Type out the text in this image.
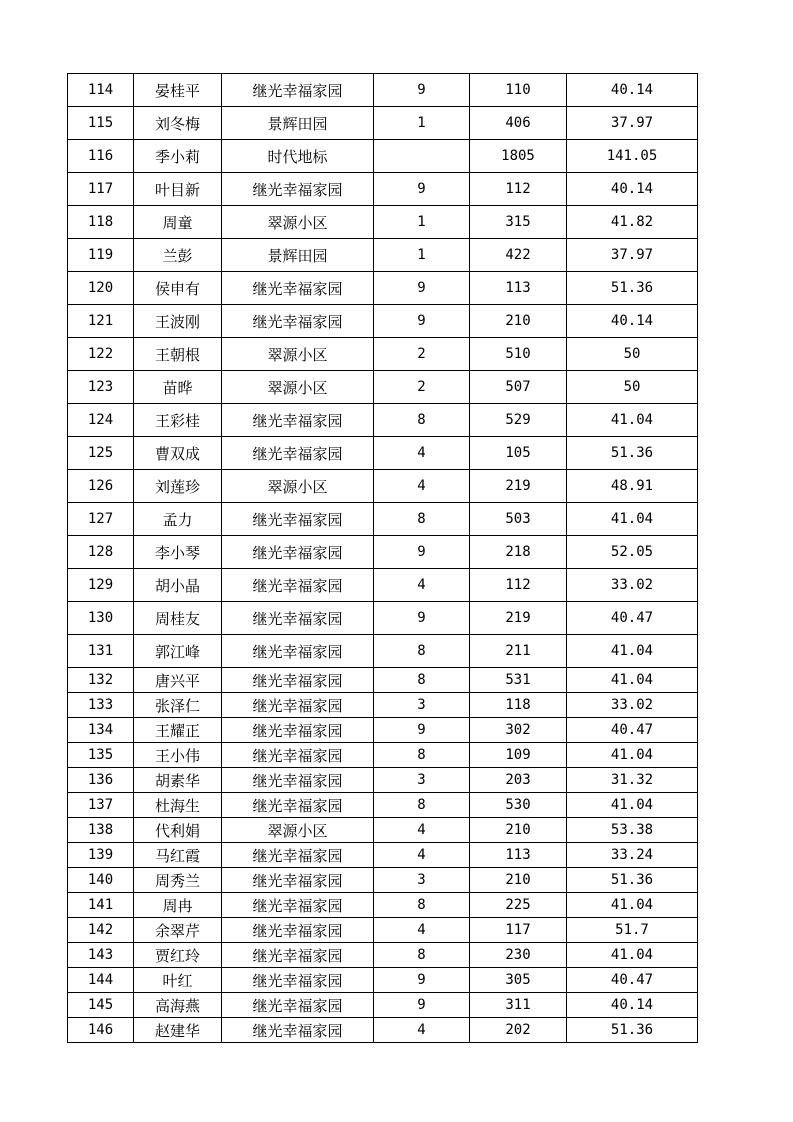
114	晏桂平	继光幸福家园	9	110	40.14
115	刘冬梅	景辉田园	1	406	37.97
116	季小莉	时代地标		1805	141.05
117	叶目新	继光幸福家园	9	112	40.14
118	周童	翠源小区	1	315	41.82
119	兰彭	景辉田园	1	422	37.97
120	侯申有	继光幸福家园	9	113	51.36
121	王波刚	继光幸福家园	9	210	40.14
122	王朝根	翠源小区	2	510	50
123	苗晔	翠源小区	2	507	50
124	王彩桂	继光幸福家园	8	529	41.04
125	曹双成	继光幸福家园	4	105	51.36
126	刘莲珍	翠源小区	4	219	48.91
127	孟力	继光幸福家园	8	503	41.04
128	李小琴	继光幸福家园	9	218	52.05
129	胡小晶	继光幸福家园	4	112	33.02
130	周桂友	继光幸福家园	9	219	40.47
131	郭江峰	继光幸福家园	8	211	41.04
132	唐兴平	继光幸福家园	8	531	41.04
133	张泽仁	继光幸福家园	3	118	33.02
134	王耀正	继光幸福家园	9	302	40.47
135	王小伟	继光幸福家园	8	109	41.04
136	胡素华	继光幸福家园	3	203	31.32
137	杜海生	继光幸福家园	8	530	41.04
138	代利娟	翠源小区	4	210	53.38
139	马红霞	继光幸福家园	4	113	33.24
140	周秀兰	继光幸福家园	3	210	51.36
141	周冉	继光幸福家园	8	225	41.04
142	余翠芹	继光幸福家园	4	117	51.7
143	贾红玲	继光幸福家园	8	230	41.04
144	叶红	继光幸福家园	9	305	40.47
145	高海燕	继光幸福家园	9	311	40.14
146	赵建华	继光幸福家园	4	202	51.36
